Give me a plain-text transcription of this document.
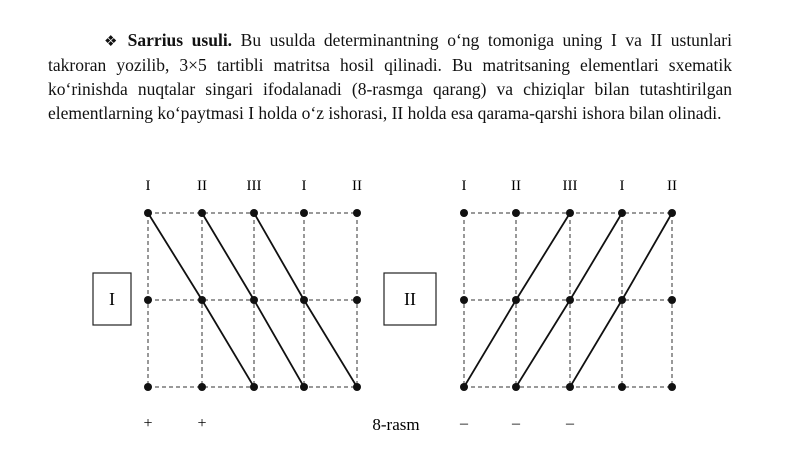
❖ Sarrius usuli. Bu usulda determinantning o‘ng tomoniga uning I va II ustunlari takroran yozilib, 3×5 tartibli matritsa hosil qilinadi. Bu matritsaning elementlari sxematik ko‘rinishda nuqtalar singari ifodalanadi (8-rasmga qarang) va chiziqlar bilan tutashtirilgan elementlarning ko‘paytmasi I holda o‘z ishorasi, II holda esa qarama-qarshi ishora bilan olinadi.

I	II	III	I	II
+	+
I	II	III	I	II
–	–	–
I	II
8-rasm
